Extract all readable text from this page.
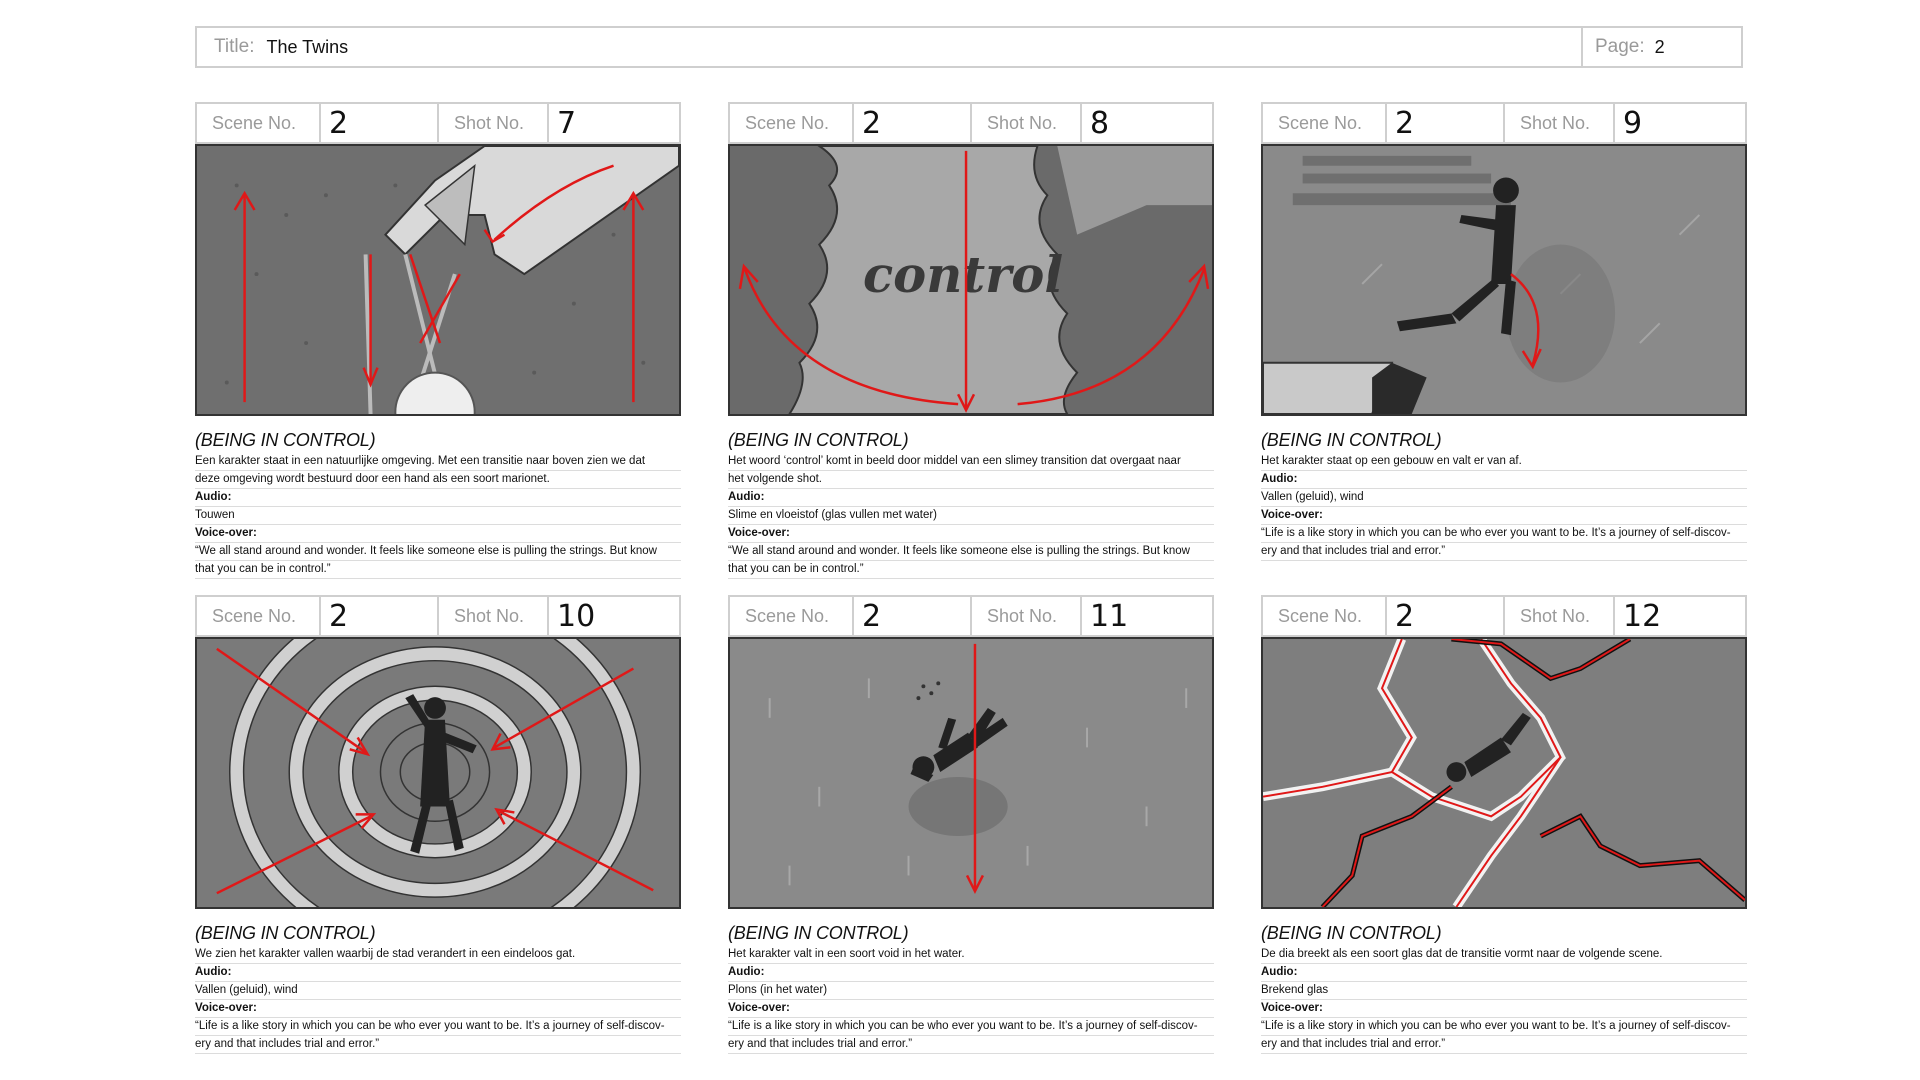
Title: The Twins	Page: 2
Scene No.	2	Shot No.	7
(BEING IN CONTROL)
Een karakter staat in een natuurlijke omgeving. Met een transitie naar boven zien we dat
deze omgeving wordt bestuurd door een hand als een soort marionet.
Audio:
Touwen
Voice-over:
“We all stand around and wonder. It feels like someone else is pulling the strings. But know
that you can be in control.”
Scene No.	2	Shot No.	8
control
(BEING IN CONTROL)
Het woord ‘control’ komt in beeld door middel van een slimey transition dat overgaat naar
het volgende shot.
Audio:
Slime en vloeistof (glas vullen met water)
Voice-over:
“We all stand around and wonder. It feels like someone else is pulling the strings. But know
that you can be in control.”
Scene No.	2	Shot No.	9
(BEING IN CONTROL)
Het karakter staat op een gebouw en valt er van af.
Audio:
Vallen (geluid), wind
Voice-over:
“Life is a like story in which you can be who ever you want to be. It’s a journey of self-discov-
ery and that includes trial and error.”
Scene No.	2	Shot No.	10
(BEING IN CONTROL)
We zien het karakter vallen waarbij de stad verandert in een eindeloos gat.
Audio:
Vallen (geluid), wind
Voice-over:
“Life is a like story in which you can be who ever you want to be. It’s a journey of self-discov-
ery and that includes trial and error.”
Scene No.	2	Shot No.	11
(BEING IN CONTROL)
Het karakter valt in een soort void in het water.
Audio:
Plons (in het water)
Voice-over:
“Life is a like story in which you can be who ever you want to be. It’s a journey of self-discov-
ery and that includes trial and error.”
Scene No.	2	Shot No.	12
(BEING IN CONTROL)
De dia breekt als een soort glas dat de transitie vormt naar de volgende scene.
Audio:
Brekend glas
Voice-over:
“Life is a like story in which you can be who ever you want to be. It’s a journey of self-discov-
ery and that includes trial and error.”
